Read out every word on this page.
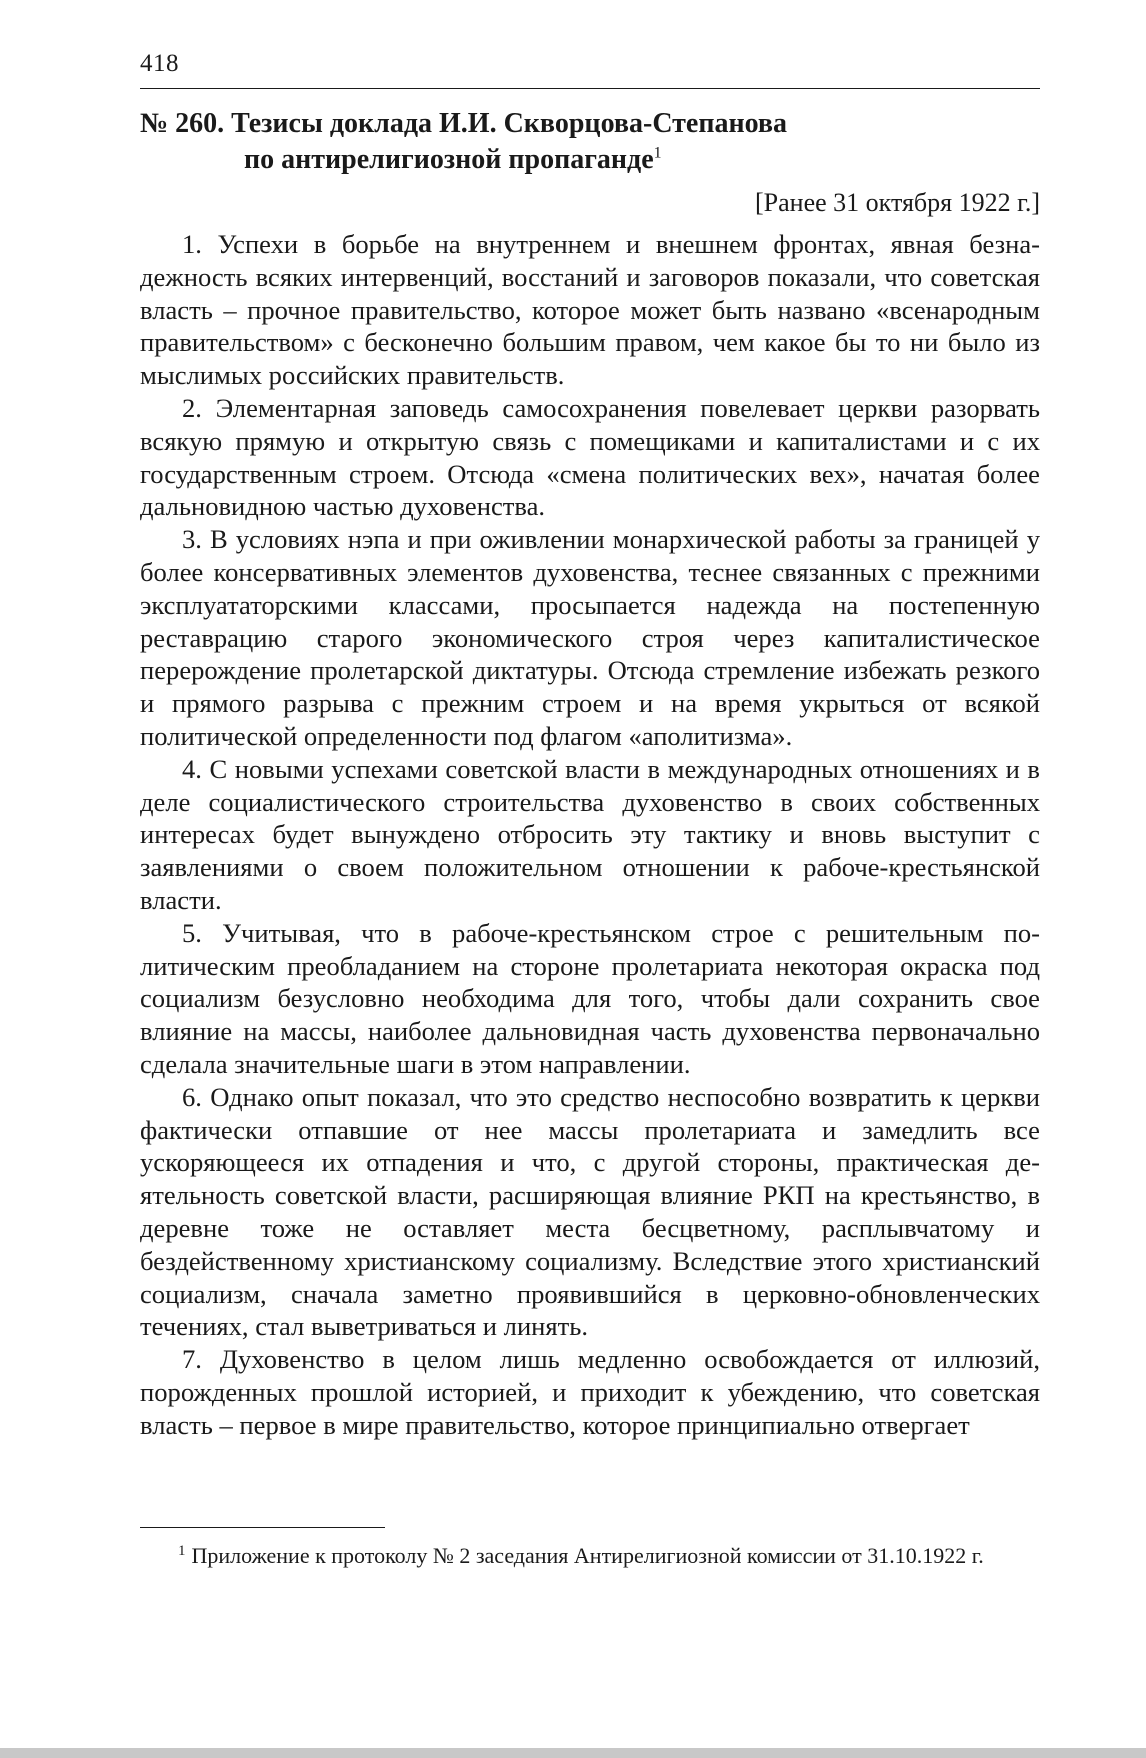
418
№ 260. Тезисы доклада И.И. Скворцова-Степанова
по антирелигиозной пропаганде$^1$
[Ранее 31 октября 1922 г.]

1. Успехи в борьбе на внутреннем и внешнем фронтах, явная безнадежность всяких интервенций, восстаний и заговоров показали, что советская власть – прочное правительство, которое может быть названо «всенародным правительством» с бесконечно большим правом, чем какое бы то ни было из мыслимых российских правительств.

2. Элементарная заповедь самосохранения повелевает церкви разорвать всякую прямую и открытую связь с помещиками и капиталистами и с их государственным строем. Отсюда «смена политических вех», начатая более дальновидною частью духовенства.

3. В условиях нэпа и при оживлении монархической работы за границей у более консервативных элементов духовенства, теснее связанных с прежними эксплуататорскими классами, просыпается надежда на постепенную реставрацию старого экономического строя через капиталистическое перерождение пролетарской диктатуры. Отсюда стремление избежать резкого и прямого разрыва с прежним строем и на время укрыться от всякой политической определенности под флагом «аполитизма».

4. С новыми успехами советской власти в международных отношениях и в деле социалистического строительства духовенство в своих собственных интересах будет вынуждено отбросить эту тактику и вновь выступит с заявлениями о своем положительном отношении к рабоче-крестьянской власти.

5. Учитывая, что в рабоче-крестьянском строе с решительным политическим преобладанием на стороне пролетариата некоторая окраска под социализм безусловно необходима для того, чтобы дали сохранить свое влияние на массы, наиболее дальновидная часть духовенства первоначально сделала значительные шаги в этом направлении.

6. Однако опыт показал, что это средство неспособно возвратить к церкви фактически отпавшие от нее массы пролетариата и замедлить все ускоряющееся их отпадения и что, с другой стороны, практическая деятельность советской власти, расширяющая влияние РКП на крестьянство, в деревне тоже не оставляет места бесцветному, расплывчатому и бездейственному христианскому социализму. Вследствие этого христианский социализм, сначала заметно проявившийся в церковно-обновленческих течениях, стал выветриваться и линять.

7. Духовенство в целом лишь медленно освобождается от иллюзий, порожденных прошлой историей, и приходит к убеждению, что советская власть – первое в мире правительство, которое принципиально отвергает

$^1$ Приложение к протоколу № 2 заседания Антирелигиозной комиссии от 31.10.1922 г.
